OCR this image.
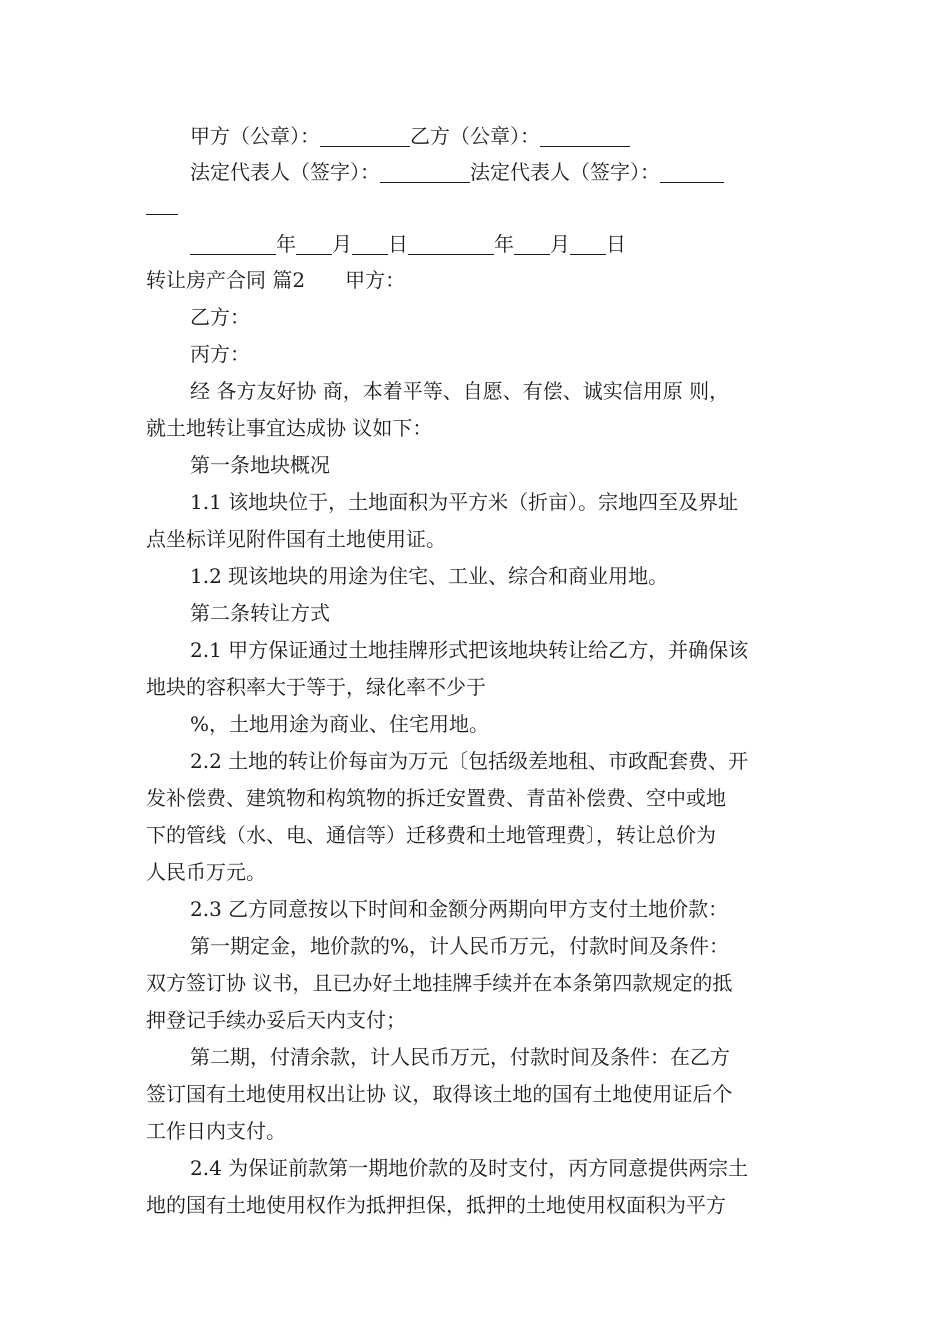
甲方（公章）：	乙方（公章）：
法定代表人（签字）：	法定代表人（签字）：
年 月 日	年 月 日
转让房产合同 篇2 甲方：
乙方：
丙方：
经 各方友好协 商，本着平等、自愿、有偿、诚实信用原 则，
就土地转让事宜达成协 议如下：
第一条地块概况
1.1 该地块位于，土地面积为平方米（折亩）。宗地四至及界址
点坐标详见附件国有土地使用证。
1.2 现该地块的用途为住宅、工业、综合和商业用地。
第二条转让方式
2.1 甲方保证通过土地挂牌形式把该地块转让给乙方，并确保该
地块的容积率大于等于，绿化率不少于
%，土地用途为商业、住宅用地。
2.2 土地的转让价每亩为万元〔包括级差地租、市政配套费、开
发补偿费、建筑物和构筑物的拆迁安置费、青苗补偿费、空中或地
下的管线（水、电、通信等）迁移费和土地管理费〕，转让总价为
人民币万元。
2.3 乙方同意按以下时间和金额分两期向甲方支付土地价款：
第一期定金，地价款的%，计人民币万元，付款时间及条件：
双方签订协 议书，且已办好土地挂牌手续并在本条第四款规定的抵
押登记手续办妥后天内支付；
第二期，付清余款，计人民币万元，付款时间及条件：在乙方
签订国有土地使用权出让协 议，取得该土地的国有土地使用证后个
工作日内支付。
2.4 为保证前款第一期地价款的及时支付，丙方同意提供两宗土
地的国有土地使用权作为抵押担保，抵押的土地使用权面积为平方
